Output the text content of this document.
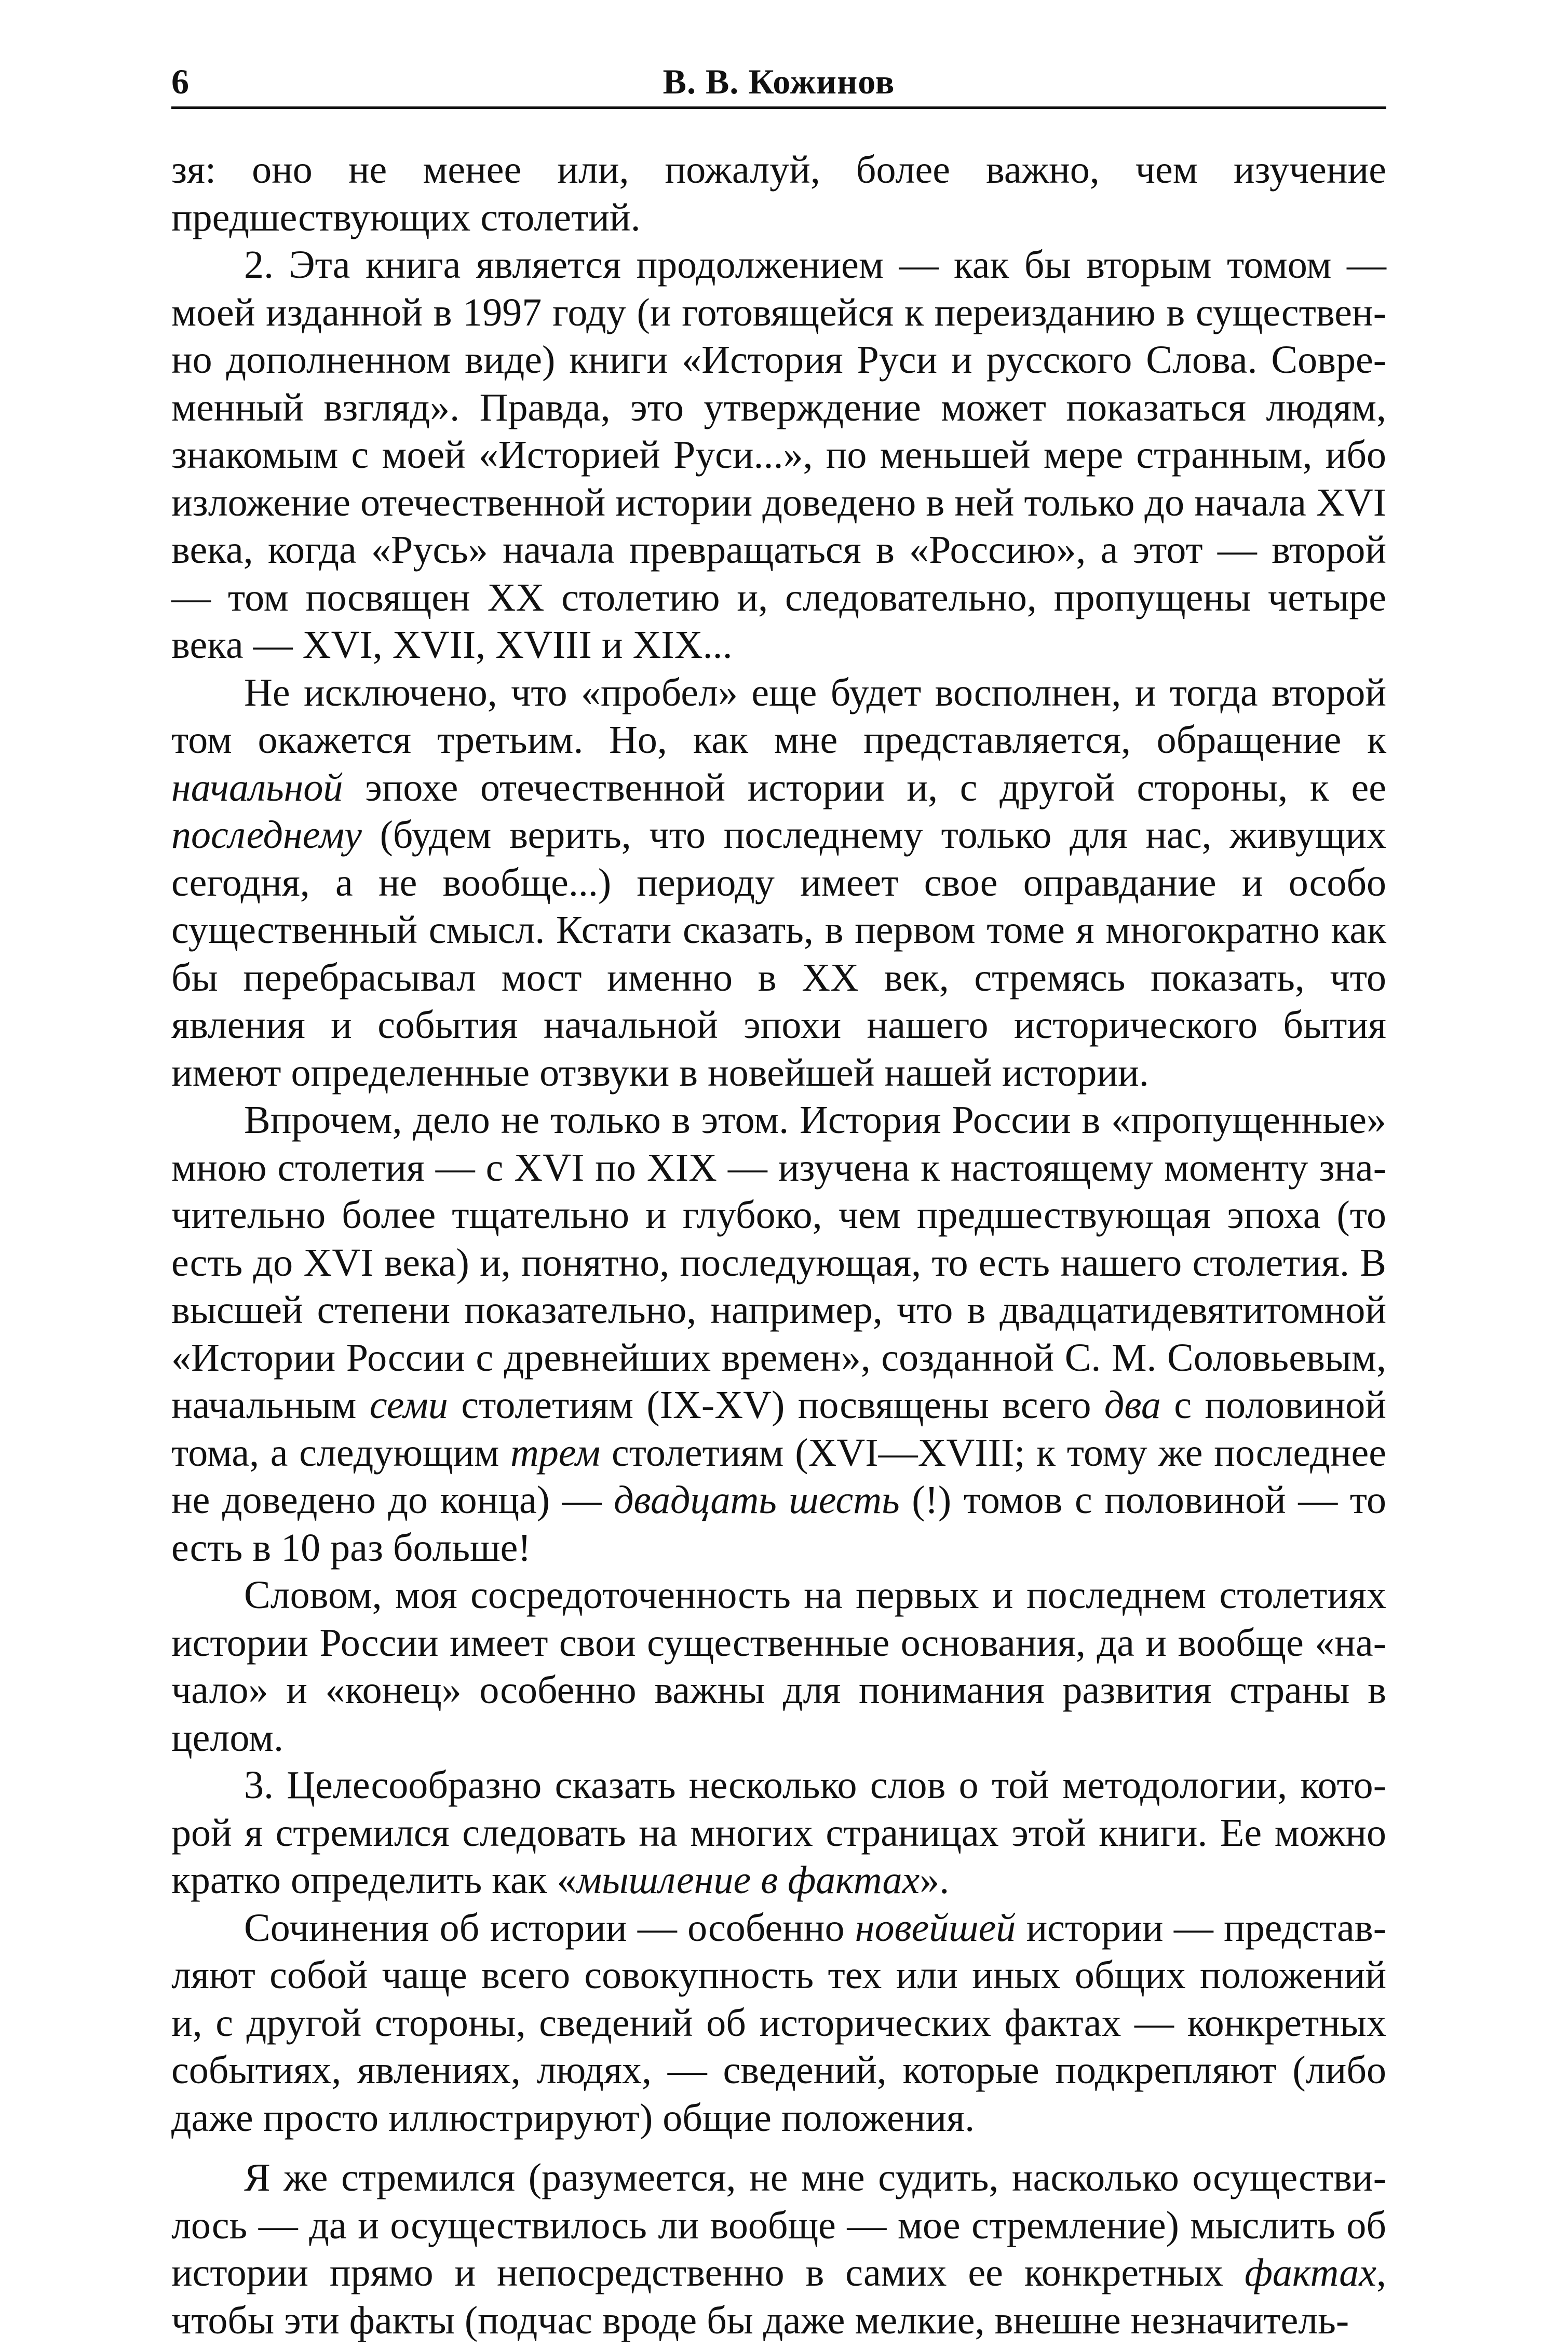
6	В. В. Кожинов

зя: оно не менее или, пожалуй, более важно, чем изучение предшествующих столетий.

2. Эта книга является продолжением — как бы вторым томом — моей изданной в 1997 году (и готовящейся к переизданию в существенно дополненном виде) книги «История Руси и русского Слова. Современный взгляд». Правда, это утверждение может показаться людям, знакомым с моей «Историей Руси...», по меньшей мере странным, ибо изложение отечественной истории доведено в ней только до начала XVI века, когда «Русь» начала превращаться в «Россию», а этот — второй — том посвящен XX столетию и, следовательно, пропущены четыре века — XVI, XVII, XVIII и XIX...

Не исключено, что «пробел» еще будет восполнен, и тогда второй том окажется третьим. Но, как мне представляется, обращение к начальной эпохе отечественной истории и, с другой стороны, к ее последнему (будем верить, что последнему только для нас, живущих сегодня, а не вообще...) периоду имеет свое оправдание и особо существенный смысл. Кстати сказать, в первом томе я многократно как бы перебрасывал мост именно в XX век, стремясь показать, что явления и события начальной эпохи нашего исторического бытия имеют определенные отзвуки в новейшей нашей истории.

Впрочем, дело не только в этом. История России в «пропущенные» мною столетия — с XVI по XIX — изучена к настоящему моменту значительно более тщательно и глубоко, чем предшествующая эпоха (то есть до XVI века) и, понятно, последующая, то есть нашего столетия. В высшей степени показательно, например, что в двадцатидевятитомной «Истории России с древнейших времен», созданной С. М. Соловьевым, начальным семи столетиям (IX-XV) посвящены всего два с половиной тома, а следующим трем столетиям (XVI—XVIII; к тому же последнее не доведено до конца) — двадцать шесть (!) томов с половиной — то есть в 10 раз больше!

Словом, моя сосредоточенность на первых и последнем столетиях истории России имеет свои существенные основания, да и вообще «начало» и «конец» особенно важны для понимания развития страны в целом.

3. Целесообразно сказать несколько слов о той методологии, которой я стремился следовать на многих страницах этой книги. Ее можно кратко определить как «мышление в фактах».

Сочинения об истории — особенно новейшей истории — представляют собой чаще всего совокупность тех или иных общих положений и, с другой стороны, сведений об исторических фактах — конкретных событиях, явлениях, людях, — сведений, которые подкрепляют (либо даже просто иллюстрируют) общие положения.

Я же стремился (разумеется, не мне судить, насколько осуществилось — да и осуществилось ли вообще — мое стремление) мыслить об истории прямо и непосредственно в самих ее конкретных фактах, чтобы эти факты (подчас вроде бы даже мелкие, внешне незначитель-
